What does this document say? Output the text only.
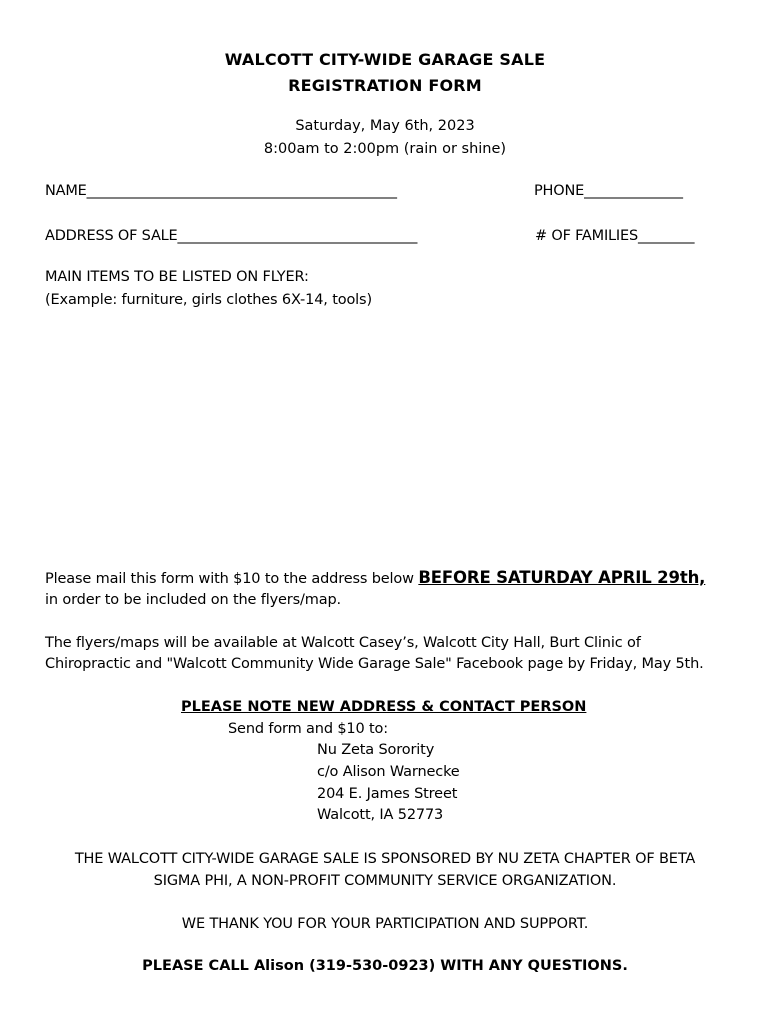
WALCOTT CITY-WIDE GARAGE SALE
REGISTRATION FORM
Saturday, May 6th, 2023
8:00am to 2:00pm (rain or shine)
NAME____________________________________________	PHONE______________
ADDRESS OF SALE__________________________________	# OF FAMILIES________
MAIN ITEMS TO BE LISTED ON FLYER:
(Example: furniture, girls clothes 6X-14, tools)
Please mail this form with $10 to the address below BEFORE SATURDAY APRIL 29th,
in order to be included on the flyers/map.
The flyers/maps will be available at Walcott Casey’s, Walcott City Hall, Burt Clinic of
Chiropractic and "Walcott Community Wide Garage Sale" Facebook page by Friday, May 5th.
PLEASE NOTE NEW ADDRESS & CONTACT PERSON
Send form and $10 to:
Nu Zeta Sorority
c/o Alison Warnecke
204 E. James Street
Walcott, IA 52773
THE WALCOTT CITY-WIDE GARAGE SALE IS SPONSORED BY NU ZETA CHAPTER OF BETA
SIGMA PHI, A NON-PROFIT COMMUNITY SERVICE ORGANIZATION.
WE THANK YOU FOR YOUR PARTICIPATION AND SUPPORT.
PLEASE CALL Alison (319-530-0923) WITH ANY QUESTIONS.
